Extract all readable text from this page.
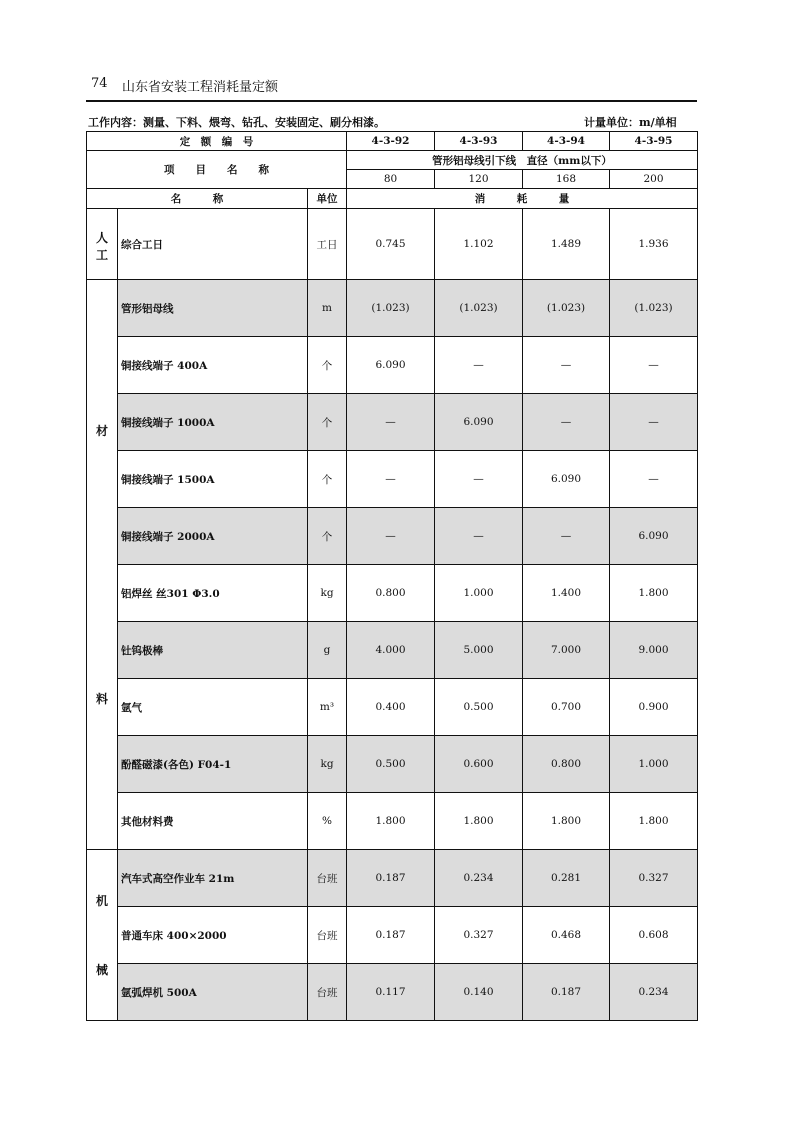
74 山东省安装工程消耗量定额
工作内容：测量、下料、煨弯、钻孔、安装固定、刷分相漆。	计量单位：m/单相
定　额　编　号			4-3-92	4-3-93	4-3-94	4-3-95
项　　目　　名　　称			管形铝母线引下线　直径（mm以下）			
			80	120	168	200
名　　　称		单位	消　　　耗　　　量			

人
工	综合工日	工日	0.745	1.102	1.489	1.936

材
料	管形铝母线	m	(1.023)	(1.023)	(1.023)	(1.023)
	铜接线端子 400A	个	6.090	—	—	—
	铜接线端子 1000A	个	—	6.090	—	—
	铜接线端子 1500A	个	—	—	6.090	—
	铜接线端子 2000A	个	—	—	—	6.090
	铝焊丝 丝301 Φ3.0	kg	0.800	1.000	1.400	1.800
	钍钨极棒	g	4.000	5.000	7.000	9.000
	氩气	m³	0.400	0.500	0.700	0.900
	酚醛磁漆(各色) F04-1	kg	0.500	0.600	0.800	1.000
	其他材料费	%	1.800	1.800	1.800	1.800

机
械	汽车式高空作业车 21m	台班	0.187	0.234	0.281	0.327
	普通车床 400×2000	台班	0.187	0.327	0.468	0.608
	氩弧焊机 500A	台班	0.117	0.140	0.187	0.234
